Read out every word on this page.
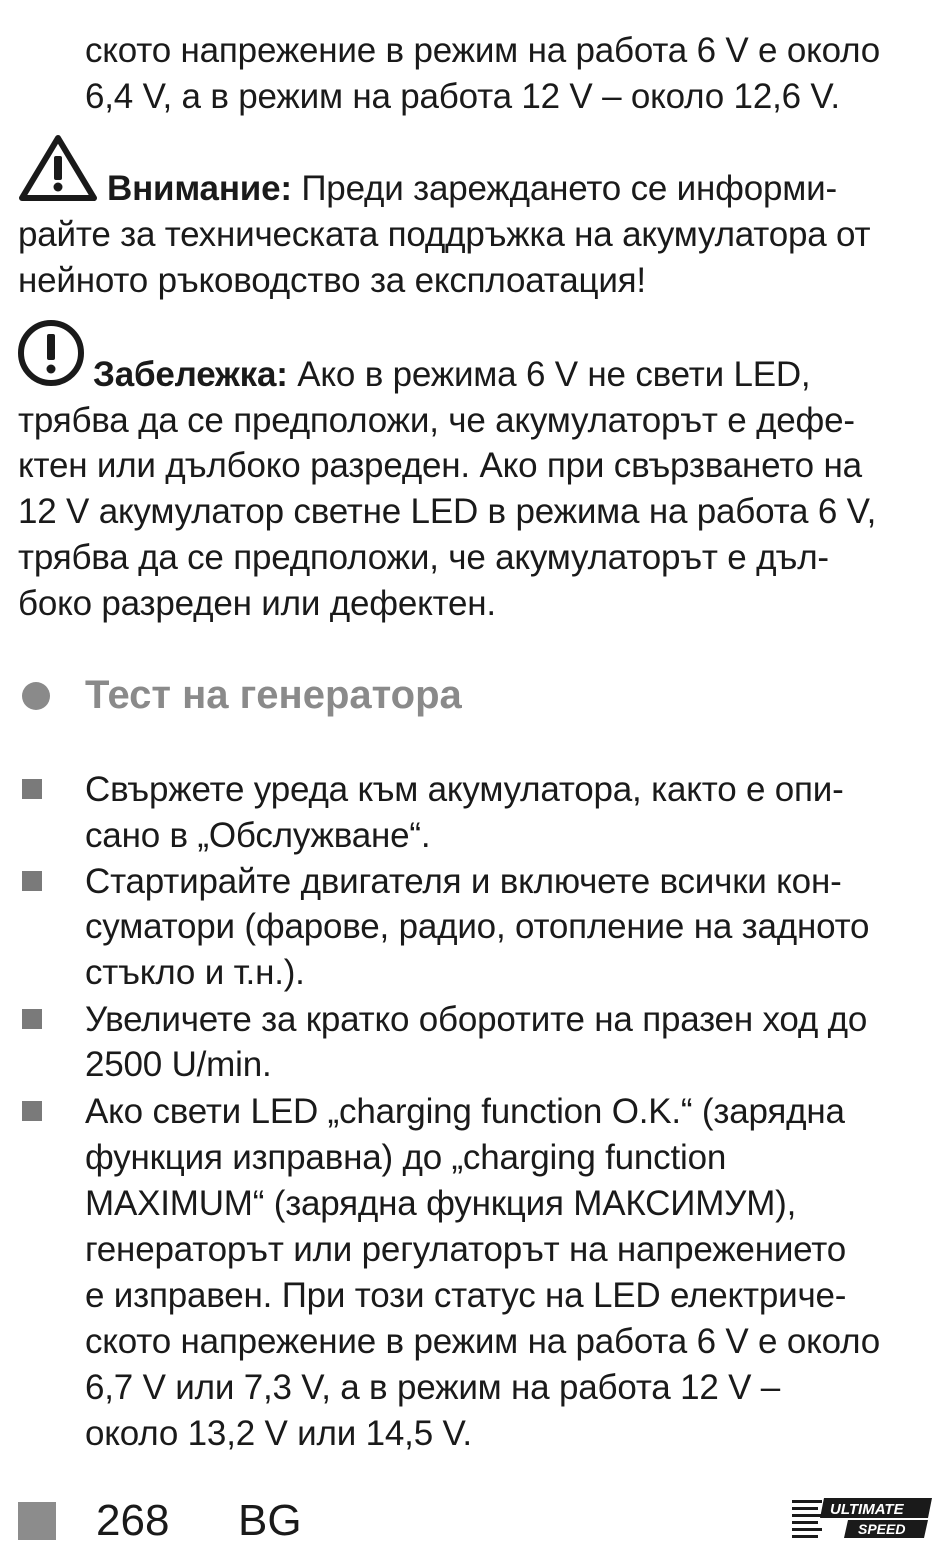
ското напрежение в режим на работа 6 V е около
6,4 V, а в режим на работа 12 V – около 12,6 V.
Внимание: Преди зареждането се информи-
райте за техническата поддръжка на акумулатора от
нейното ръководство за експлоатация!
Забележка: Ако в режима 6 V не свети LED,
трябва да се предположи, че акумулаторът е дефе-
ктен или дълбоко разреден. Ако при свързването на
12 V акумулатор светне LED в режима на работа 6 V,
трябва да се предположи, че акумулаторът е дъл-
боко разреден или дефектен.
Тест на генератора
Свържете уреда към акумулатора, както е опи-
сано в „Обслужване“.
Стартирайте двигателя и включете всички кон-
суматори (фарове, радио, отопление на задното
стъкло и т.н.).
Увеличете за кратко оборотите на празен ход до
2500 U/min.
Ако свети LED „charging function O.K.“ (зарядна
функция изправна) до „charging function
MAXIMUM“ (зарядна функция МАКСИМУМ),
генераторът или регулаторът на напрежението
е изправен. При този статус на LED електриче-
ското напрежение в режим на работа 6 V е около
6,7 V или 7,3 V, а в режим на работа 12 V –
около 13,2 V или 14,5 V.
268 BG	ULTIMATE
SPEED
